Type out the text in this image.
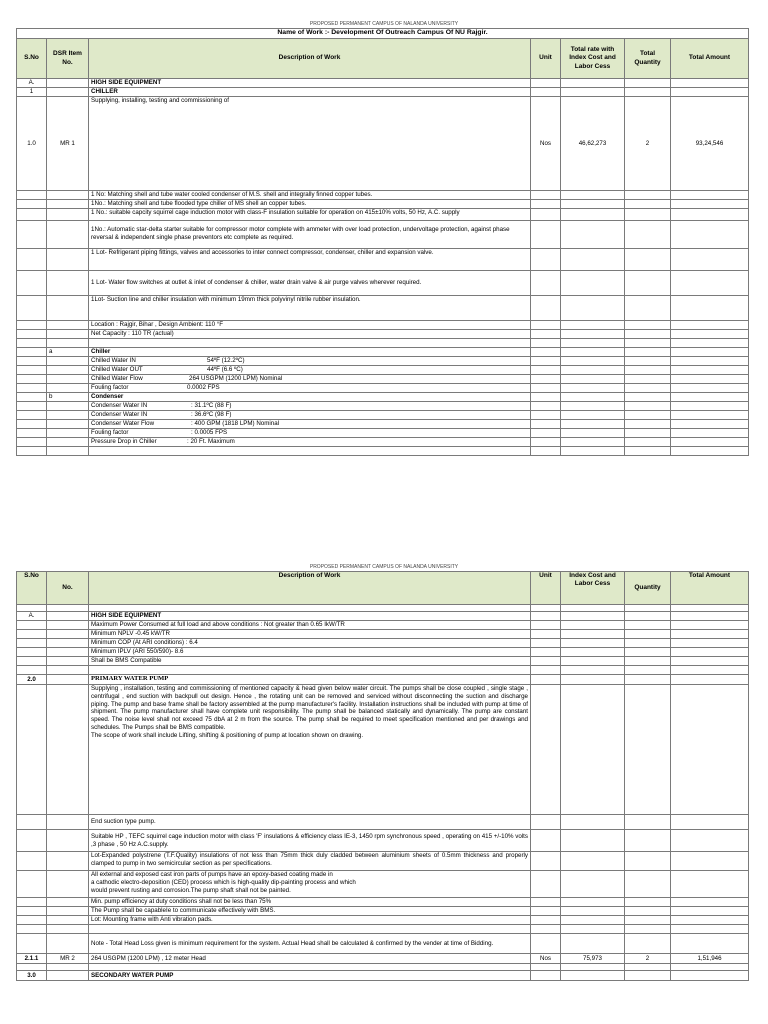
PROPOSED PERMANENT CAMPUS OF NALANDA UNIVERSITY
Name of Work :- Development Of Outreach Campus Of NU Rajgir.						
S.No	DSR Item No.	Description of Work	Unit	Total rate with Index Cost and Labor Cess	Total Quantity	Total Amount
A.		HIGH SIDE EQUIPMENT				
1		CHILLER				
1.0	MR 1	Supplying, installing, testing and commissioning of	Nos	46,62,273	2	93,24,546
		1 No: Matching shell and tube water cooled condenser of M.S. shell and integrally finned copper tubes.				
		1No.: Matching shell and tube flooded type chiller of MS shell an copper tubes.				
		1 No.: suitable capcity squirrel cage induction motor with class-F insulation suitable for operation on 415±10% volts, 50 Hz, A.C. supply				
		1No.: Automatic star-delta starter suitable for compressor motor complete with ammeter with over load protection, undervoltage protection, against phase reversal & independent single phase preventors etc complete as required.				
		1 Lot- Refrigerant piping fittings, valves and accessories to inter connect compressor, condenser, chiller and expansion valve.				
		1 Lot- Water flow switches at outlet & inlet of condenser & chiller, water drain valve & air purge valves wherever required.				
		1Lot- Suction line and chiller insulation with minimum 19mm thick polyvinyl nitrile rubber insulation.				
		Location : Rajgir, Bihar , Design Ambient: 110 °F				
		Net Capacity : 110 TR (actual)				

	a	Chiller				
		Chilled Water IN 54ºF (12.2ºC)				
		Chilled Water OUT 44ºF (6.6 ºC)				
		Chilled Water Flow 264 USGPM (1200 LPM) Nominal				
		Fouling factor 0.0002 FPS				
	b	Condenser				
		Condenser Water IN : 31.1ºC (88 F)				
		Condenser Water IN : 36.6ºC (98 F)				
		Condenser Water Flow : 400 GPM (1818 LPM) Nominal				
		Fouling factor : 0.0005 FPS				
		Pressure Drop in Chiller : 20 Ft. Maximum				

PROPOSED PERMANENT CAMPUS OF NALANDA UNIVERSITY
S.No	No.	Description of Work	Unit	Index Cost and Labor Cess	Quantity	Total Amount

A.		HIGH SIDE EQUIPMENT				
		Maximum Power Consumed at full load and above conditions : Not greater than 0.65 IkW/TR				
		Minimum NPLV -0.45 kW/TR				
		Minimum COP (At ARI conditions) : 6.4				
		Minimum IPLV (ARI 550/590)- 8.6				
		Shall be BMS Compatible				

2.0		PRIMARY WATER PUMP				

		Supplying , installation, testing and commissioning of mentioned capacity & head given below water circuit. The pumps shall be close coupled , single stage , centrifugal , end suction with backpull out design. Hence , the rotating unit can be removed and serviced without disconnecting the suction and discharge piping. The pump and base frame shall be factory assembled at the pump manufacturer's facility. Installation instructions shall be included with pump at time of shipment. The pump manufacturer shall have complete unit responsibility. The pump shall be balanced statically and dynamically. The pump are constant speed. The noise level shall not exceed 75 dbA at 2 m from the source. The pump shall be required to meet specification mentioned and per drawings and schedules. The Pumps shall be BMS compatible.
The scope of work shall include Lifting, shifting & positioning of pump at location shown on drawing.				

		End suction type pump.				
		Suitable HP , TEFC squirrel cage induction motor with class 'F' insulations & efficiency class IE-3, 1450 rpm synchronous speed , operating on 415 +/-10% volts ,3 phase , 50 Hz A.C.supply.				
		Lot-Expanded polystrene (T.F.Quality) insulations of not less than 75mm thick duly cladded between aluminium sheets of 0.5mm thickness and properly clamped to pump in two semicircular section as per specifications.				

		All external and exposed cast iron parts of pumps have an epoxy-based coating made in
a cathodic electro-deposition (CED) process which is high-quality dip-painting process and which
would prevent rusting and corrosion.The pump shaft shall not be painted.				

		Min. pump efficiency at duty conditions shall not be less than 75%				
		The Pump shall be capableIe to communicate effectively with BMS.				
		Lot: Mounting frame with Anti vibration pads.				

		Note - Total Head Loss given is minimum requirement for the system. Actual Head shall be calculated & confirmed by the vender at time of Bidding.				
2.1.1	MR 2	264 USGPM (1200 LPM) , 12 meter Head	Nos	75,973	2	1,51,946

3.0		SECONDARY WATER PUMP				
